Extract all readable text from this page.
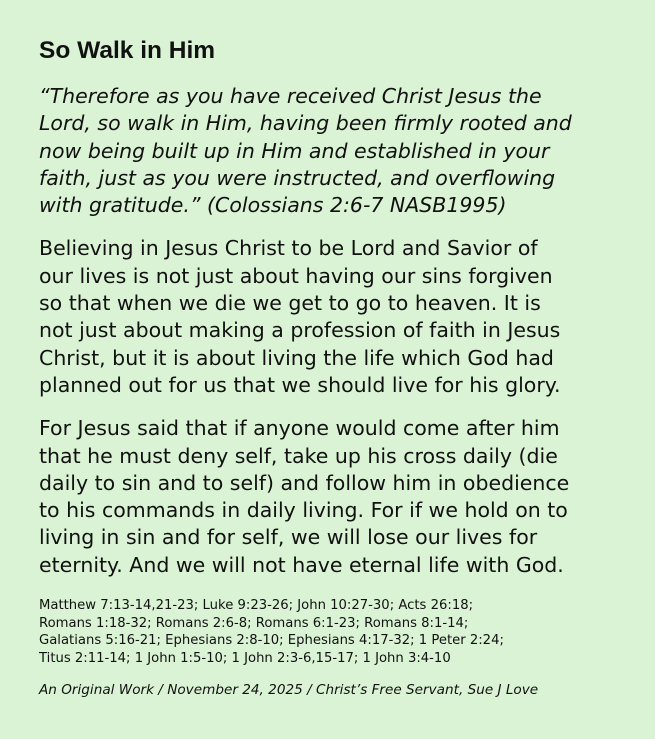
So Walk in Him

“Therefore as you have received Christ Jesus the
Lord, so walk in Him, having been firmly rooted and
now being built up in Him and established in your
faith, just as you were instructed, and overflowing
with gratitude.” (Colossians 2:6-7 NASB1995)

Believing in Jesus Christ to be Lord and Savior of
our lives is not just about having our sins forgiven
so that when we die we get to go to heaven. It is
not just about making a profession of faith in Jesus
Christ, but it is about living the life which God had
planned out for us that we should live for his glory.

For Jesus said that if anyone would come after him
that he must deny self, take up his cross daily (die
daily to sin and to self) and follow him in obedience
to his commands in daily living. For if we hold on to
living in sin and for self, we will lose our lives for
eternity. And we will not have eternal life with God.

Matthew 7:13-14,21-23; Luke 9:23-26; John 10:27-30; Acts 26:18;
Romans 1:18-32; Romans 2:6-8; Romans 6:1-23; Romans 8:1-14;
Galatians 5:16-21; Ephesians 2:8-10; Ephesians 4:17-32; 1 Peter 2:24;
Titus 2:11-14; 1 John 1:5-10; 1 John 2:3-6,15-17; 1 John 3:4-10

An Original Work / November 24, 2025 / Christ’s Free Servant, Sue J Love
